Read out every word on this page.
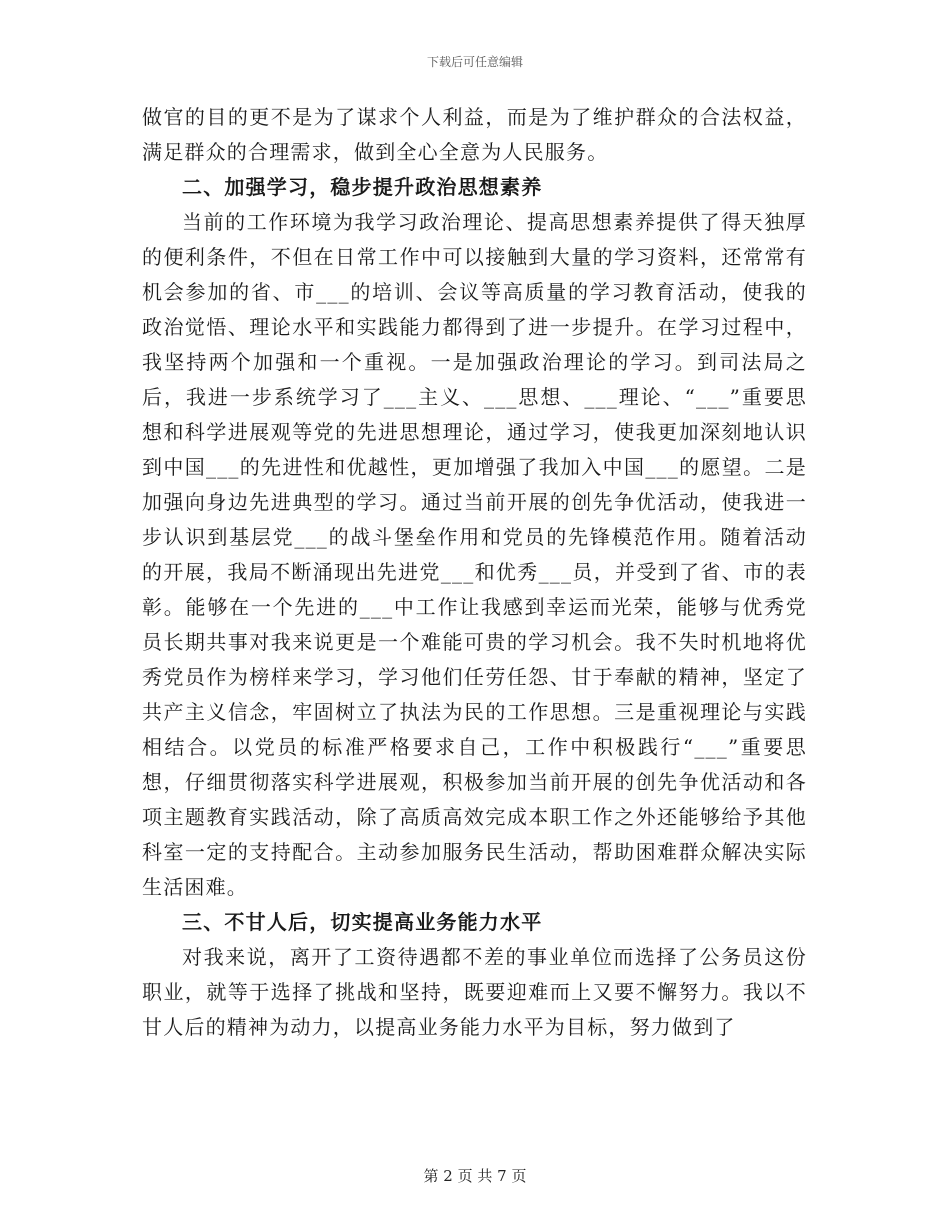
下载后可任意编辑

做官的目的更不是为了谋求个人利益，而是为了维护群众的合法权益，满足群众的合理需求，做到全心全意为人民服务。

二、加强学习，稳步提升政治思想素养

当前的工作环境为我学习政治理论、提高思想素养提供了得天独厚的便利条件，不但在日常工作中可以接触到大量的学习资料，还常常有机会参加的省、市___的培训、会议等高质量的学习教育活动，使我的政治觉悟、理论水平和实践能力都得到了进一步提升。在学习过程中，我坚持两个加强和一个重视。一是加强政治理论的学习。到司法局之后，我进一步系统学习了___主义、___思想、___理论、“___”重要思想和科学进展观等党的先进思想理论，通过学习，使我更加深刻地认识到中国___的先进性和优越性，更加增强了我加入中国___的愿望。二是加强向身边先进典型的学习。通过当前开展的创先争优活动，使我进一步认识到基层党___的战斗堡垒作用和党员的先锋模范作用。随着活动的开展，我局不断涌现出先进党___和优秀___员，并受到了省、市的表彰。能够在一个先进的___中工作让我感到幸运而光荣，能够与优秀党员长期共事对我来说更是一个难能可贵的学习机会。我不失时机地将优秀党员作为榜样来学习，学习他们任劳任怨、甘于奉献的精神，坚定了共产主义信念，牢固树立了执法为民的工作思想。三是重视理论与实践相结合。以党员的标准严格要求自己，工作中积极践行“___”重要思想，仔细贯彻落实科学进展观，积极参加当前开展的创先争优活动和各项主题教育实践活动，除了高质高效完成本职工作之外还能够给予其他科室一定的支持配合。主动参加服务民生活动，帮助困难群众解决实际生活困难。

三、不甘人后，切实提高业务能力水平

对我来说，离开了工资待遇都不差的事业单位而选择了公务员这份职业，就等于选择了挑战和坚持，既要迎难而上又要不懈努力。我以不甘人后的精神为动力，以提高业务能力水平为目标，努力做到了

第 2 页 共 7 页
